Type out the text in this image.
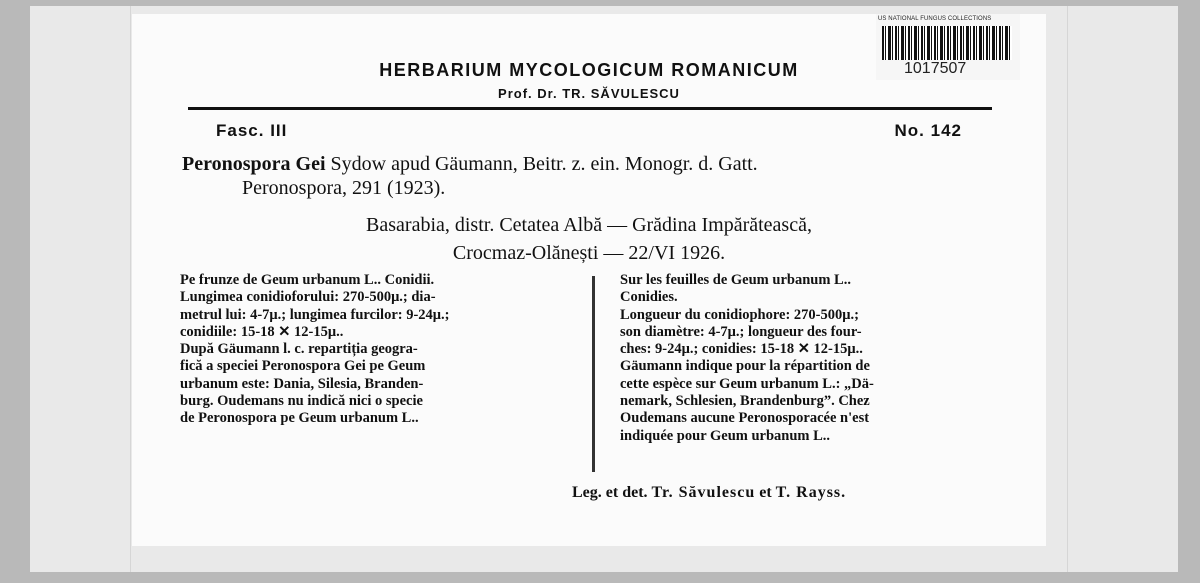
HERBARIUM MYCOLOGICUM ROMANICUM
Prof. Dr. TR. SĂVULESCU
Fasc. III	No. 142
Peronospora Gei Sydow apud Gäumann, Beitr. z. ein. Monogr. d. Gatt.
Peronospora, 291 (1923).
Basarabia, distr. Cetatea Albă — Grădina Impărătească,
Crocmaz-Olănești — 22/VI 1926.
Pe frunze de Geum urbanum L.. Conidii.
Lungimea conidioforului: 270-500μ.; dia-
metrul lui: 4-7μ.; lungimea furcilor: 9-24μ.;
conidiile: 15-18 ✕ 12-15μ..
După Gäumann l. c. repartiția geogra-
fică a speciei Peronospora Gei pe Geum
urbanum este: Dania, Silesia, Branden-
burg. Oudemans nu indică nici o specie
de Peronospora pe Geum urbanum L..
Sur les feuilles de Geum urbanum L..
Conidies.
Longueur du conidiophore: 270-500μ.;
son diamètre: 4-7μ.; longueur des four-
ches: 9-24μ.; conidies: 15-18 ✕ 12-15μ..
Gäumann indique pour la répartition de
cette espèce sur Geum urbanum L.: „Dä-
nemark, Schlesien, Brandenburg”. Chez
Oudemans aucune Peronosporacée n'est
indiquée pour Geum urbanum L..
Leg. et det. Tr. Săvulescu et T. Rayss.
US NATIONAL FUNGUS COLLECTIONS
1017507
